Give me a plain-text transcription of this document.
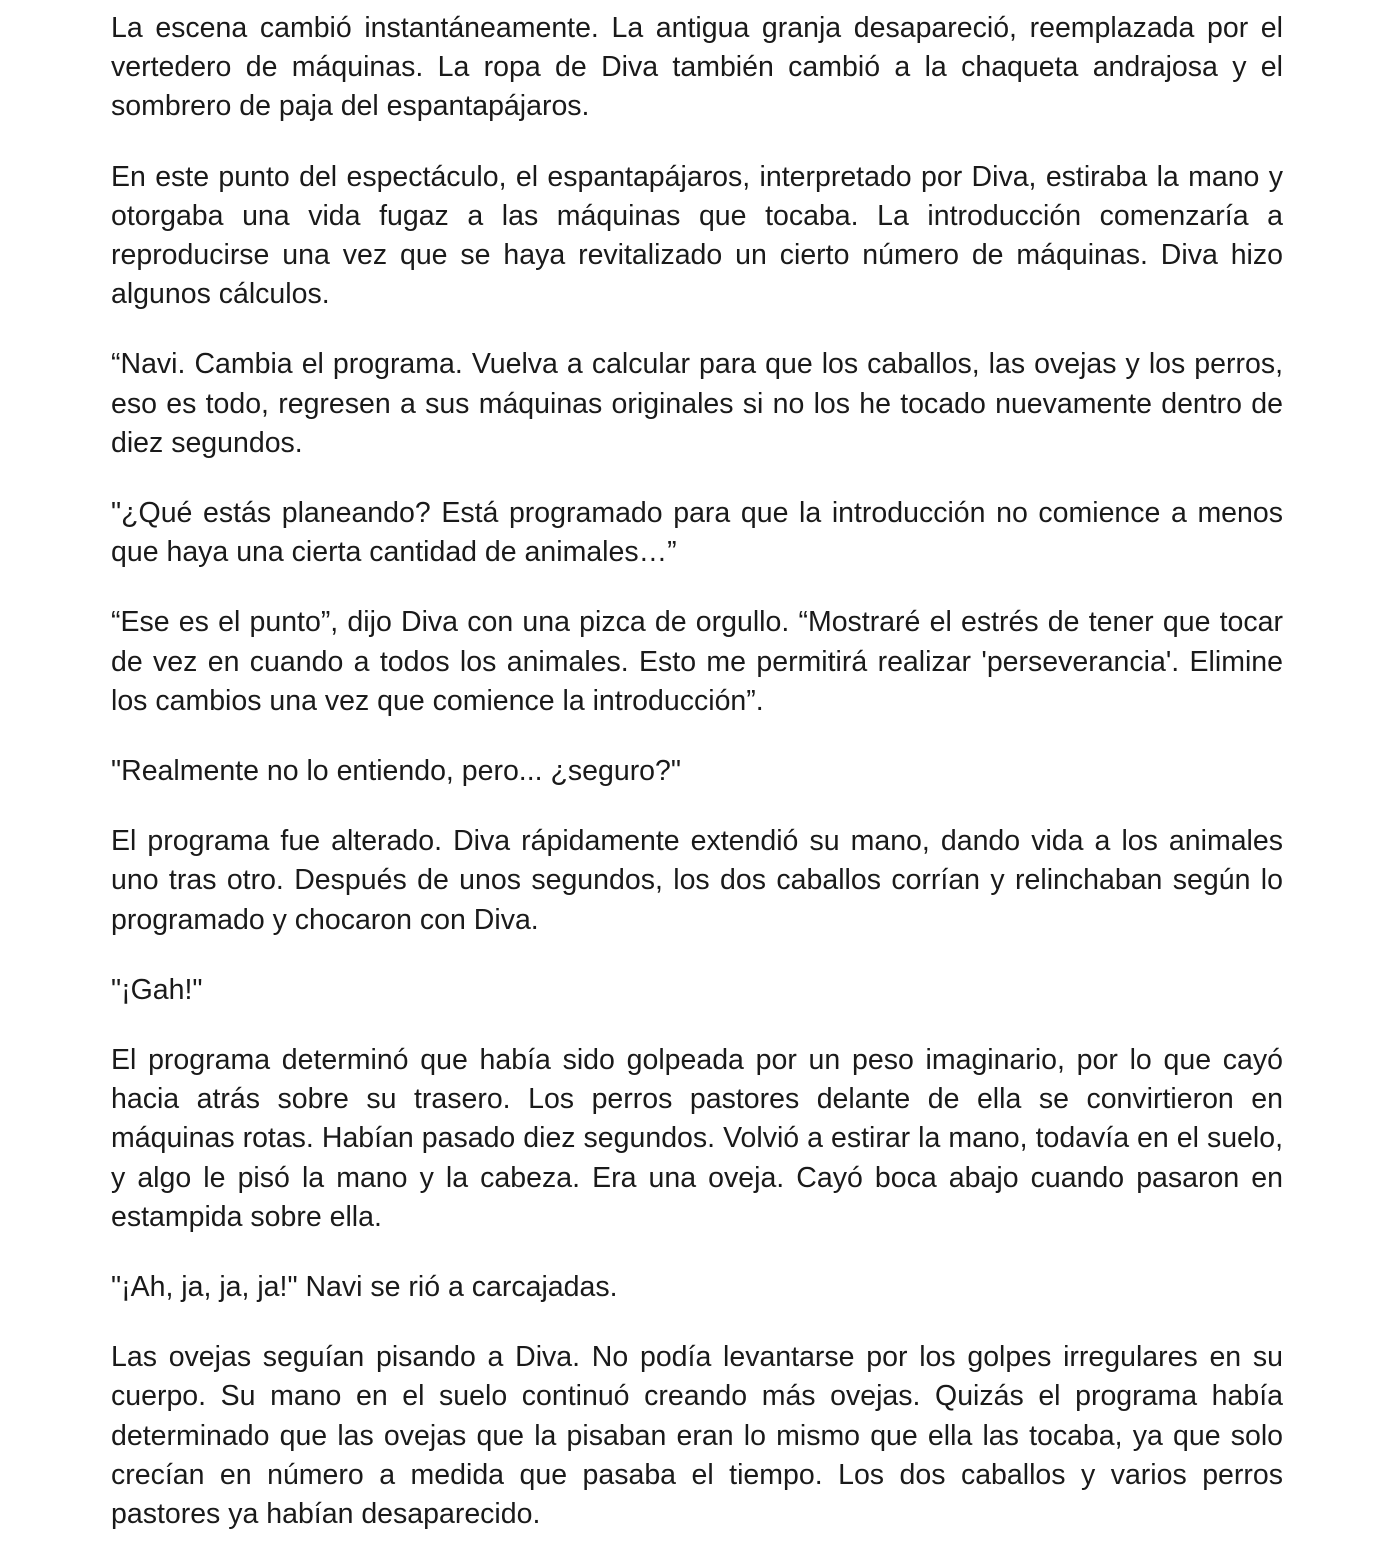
La escena cambió instantáneamente. La antigua granja desapareció, reemplazada por el vertedero de máquinas. La ropa de Diva también cambió a la chaqueta andrajosa y el sombrero de paja del espantapájaros.

En este punto del espectáculo, el espantapájaros, interpretado por Diva, estiraba la mano y otorgaba una vida fugaz a las máquinas que tocaba. La introducción comenzaría a reproducirse una vez que se haya revitalizado un cierto número de máquinas. Diva hizo algunos cálculos.

“Navi. Cambia el programa. Vuelva a calcular para que los caballos, las ovejas y los perros, eso es todo, regresen a sus máquinas originales si no los he tocado nuevamente dentro de diez segundos.

"¿Qué estás planeando? Está programado para que la introducción no comience a menos que haya una cierta cantidad de animales…”

“Ese es el punto”, dijo Diva con una pizca de orgullo. “Mostraré el estrés de tener que tocar de vez en cuando a todos los animales. Esto me permitirá realizar 'perseverancia'. Elimine los cambios una vez que comience la introducción”.

"Realmente no lo entiendo, pero... ¿seguro?"

El programa fue alterado. Diva rápidamente extendió su mano, dando vida a los animales uno tras otro. Después de unos segundos, los dos caballos corrían y relinchaban según lo programado y chocaron con Diva.

"¡Gah!"

El programa determinó que había sido golpeada por un peso imaginario, por lo que cayó hacia atrás sobre su trasero. Los perros pastores delante de ella se convirtieron en máquinas rotas. Habían pasado diez segundos. Volvió a estirar la mano, todavía en el suelo, y algo le pisó la mano y la cabeza. Era una oveja. Cayó boca abajo cuando pasaron en estampida sobre ella.

"¡Ah, ja, ja, ja!" Navi se rió a carcajadas.

Las ovejas seguían pisando a Diva. No podía levantarse por los golpes irregulares en su cuerpo. Su mano en el suelo continuó creando más ovejas. Quizás el programa había determinado que las ovejas que la pisaban eran lo mismo que ella las tocaba, ya que solo crecían en número a medida que pasaba el tiempo. Los dos caballos y varios perros pastores ya habían desaparecido.
